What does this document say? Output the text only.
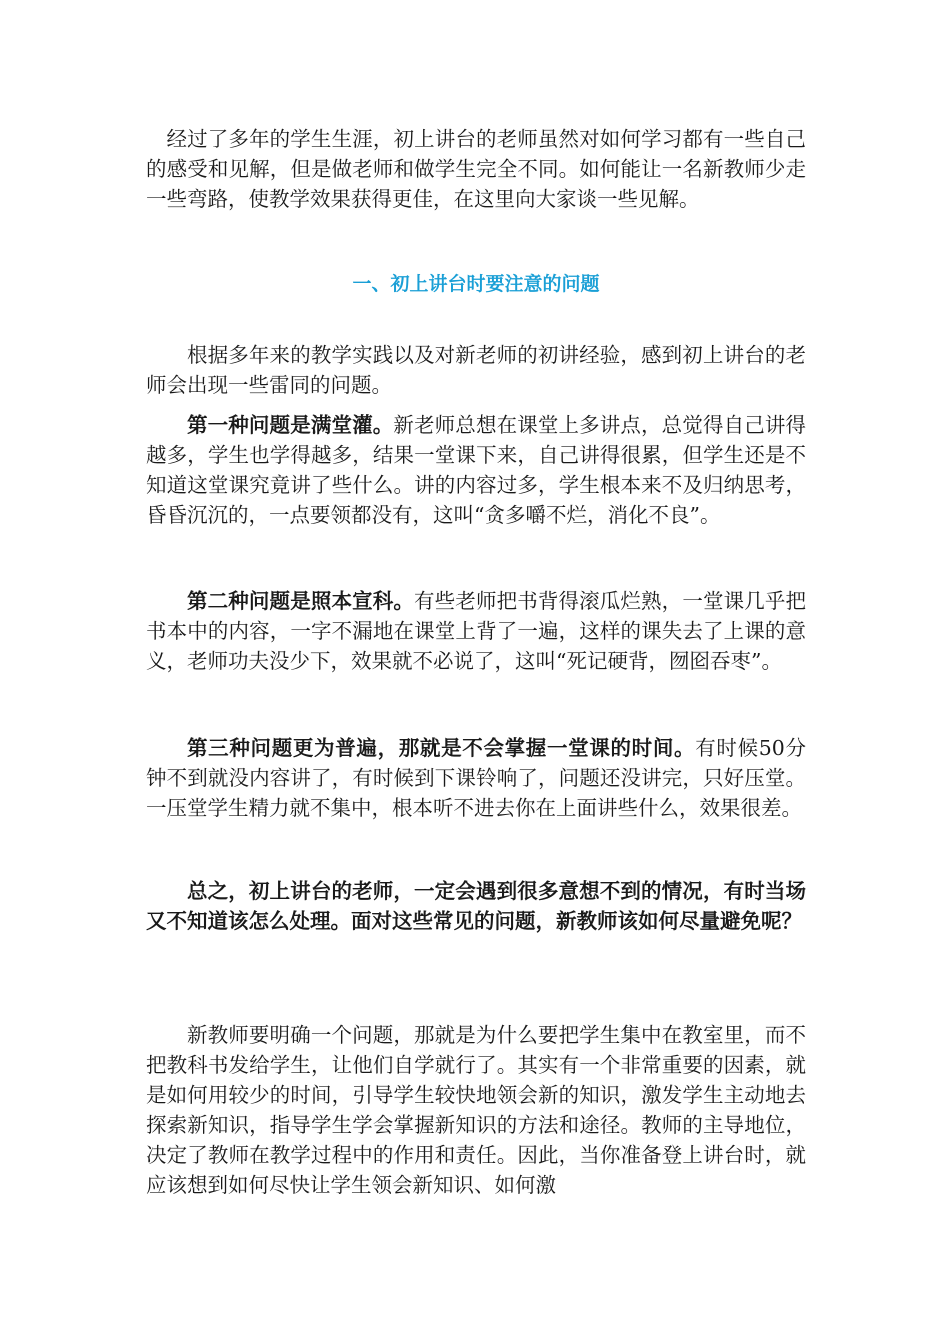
经过了多年的学生生涯，初上讲台的老师虽然对如何学习都有一些自己的感受和见解，但是做老师和做学生完全不同。如何能让一名新教师少走一些弯路，使教学效果获得更佳，在这里向大家谈一些见解。

一、初上讲台时要注意的问题

根据多年来的教学实践以及对新老师的初讲经验，感到初上讲台的老师会出现一些雷同的问题。

第一种问题是满堂灌。新老师总想在课堂上多讲点，总觉得自己讲得越多，学生也学得越多，结果一堂课下来，自己讲得很累，但学生还是不知道这堂课究竟讲了些什么。讲的内容过多，学生根本来不及归纳思考，昏昏沉沉的，一点要领都没有，这叫“贪多嚼不烂，消化不良”。

第二种问题是照本宣科。有些老师把书背得滚瓜烂熟，一堂课几乎把书本中的内容，一字不漏地在课堂上背了一遍，这样的课失去了上课的意义，老师功夫没少下，效果就不必说了，这叫“死记硬背，囫囵吞枣”。

第三种问题更为普遍，那就是不会掌握一堂课的时间。有时候50分钟不到就没内容讲了，有时候到下课铃响了，问题还没讲完，只好压堂。一压堂学生精力就不集中，根本听不进去你在上面讲些什么，效果很差。

总之，初上讲台的老师，一定会遇到很多意想不到的情况，有时当场又不知道该怎么处理。面对这些常见的问题，新教师该如何尽量避免呢？

新教师要明确一个问题，那就是为什么要把学生集中在教室里，而不把教科书发给学生，让他们自学就行了。其实有一个非常重要的因素，就是如何用较少的时间，引导学生较快地领会新的知识，激发学生主动地去探索新知识，指导学生学会掌握新知识的方法和途径。教师的主导地位，决定了教师在教学过程中的作用和责任。因此，当你准备登上讲台时，就应该想到如何尽快让学生领会新知识、如何激
